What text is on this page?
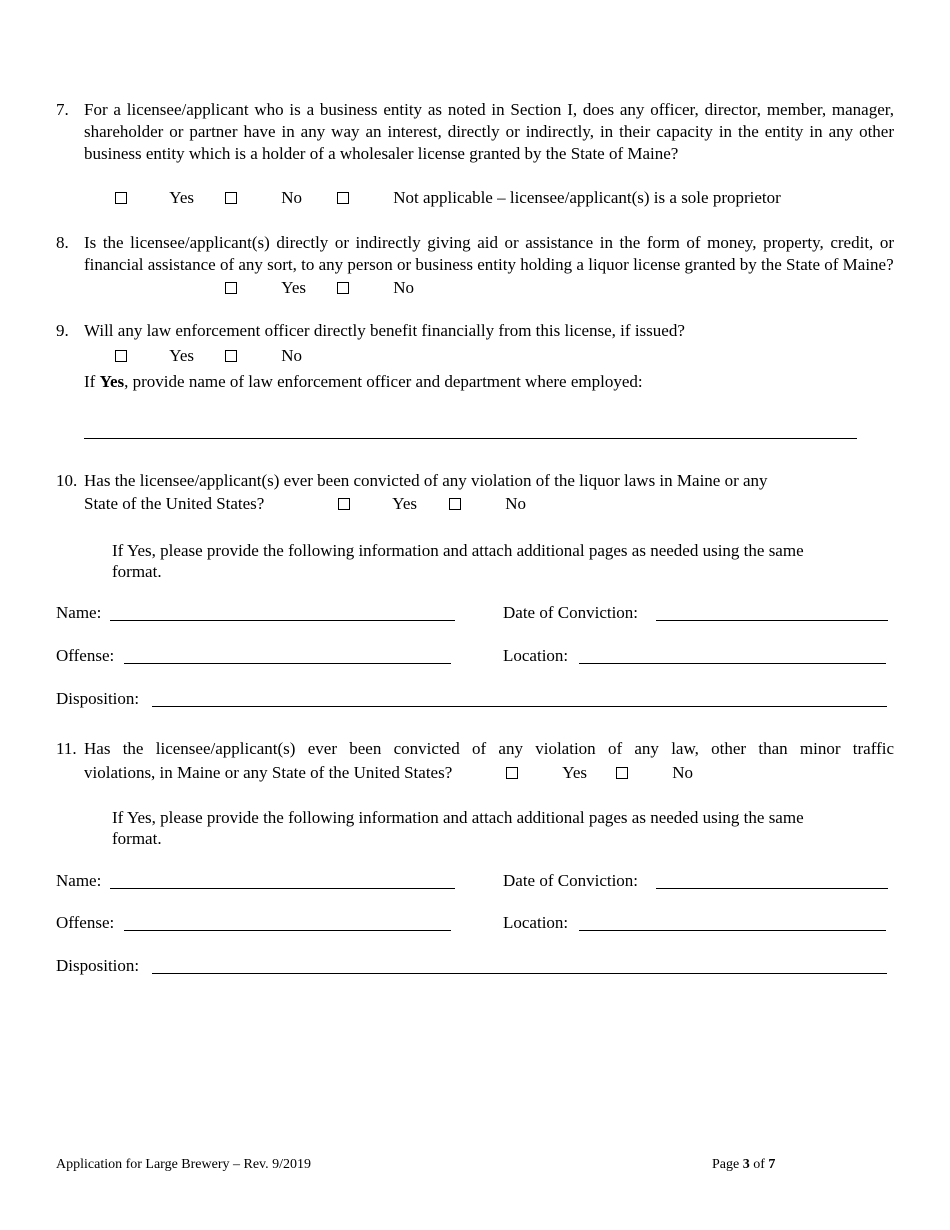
7. For a licensee/applicant who is a business entity as noted in Section I, does any officer, director, member, manager, shareholder or partner have in any way an interest, directly or indirectly, in their capacity in the entity in any other business entity which is a holder of a wholesaler license granted by the State of Maine?
Yes	No	Not applicable – licensee/applicant(s) is a sole proprietor
8. Is the licensee/applicant(s) directly or indirectly giving aid or assistance in the form of money, property, credit, or financial assistance of any sort, to any person or business entity holding a liquor license granted by the State of Maine?
Yes	No
9. Will any law enforcement officer directly benefit financially from this license, if issued?
Yes	No
If Yes, provide name of law enforcement officer and department where employed:
10. Has the licensee/applicant(s) ever been convicted of any violation of the liquor laws in Maine or any
State of the United States?	Yes	No
If Yes, please provide the following information and attach additional pages as needed using the same format.
Name:	Date of Conviction:
Offense:	Location:
Disposition:
11. Has the licensee/applicant(s) ever been convicted of any violation of any law, other than minor traffic
violations, in Maine or any State of the United States?	Yes	No
If Yes, please provide the following information and attach additional pages as needed using the same format.
Name:	Date of Conviction:
Offense:	Location:
Disposition:
Application for Large Brewery – Rev. 9/2019	Page 3 of 7
